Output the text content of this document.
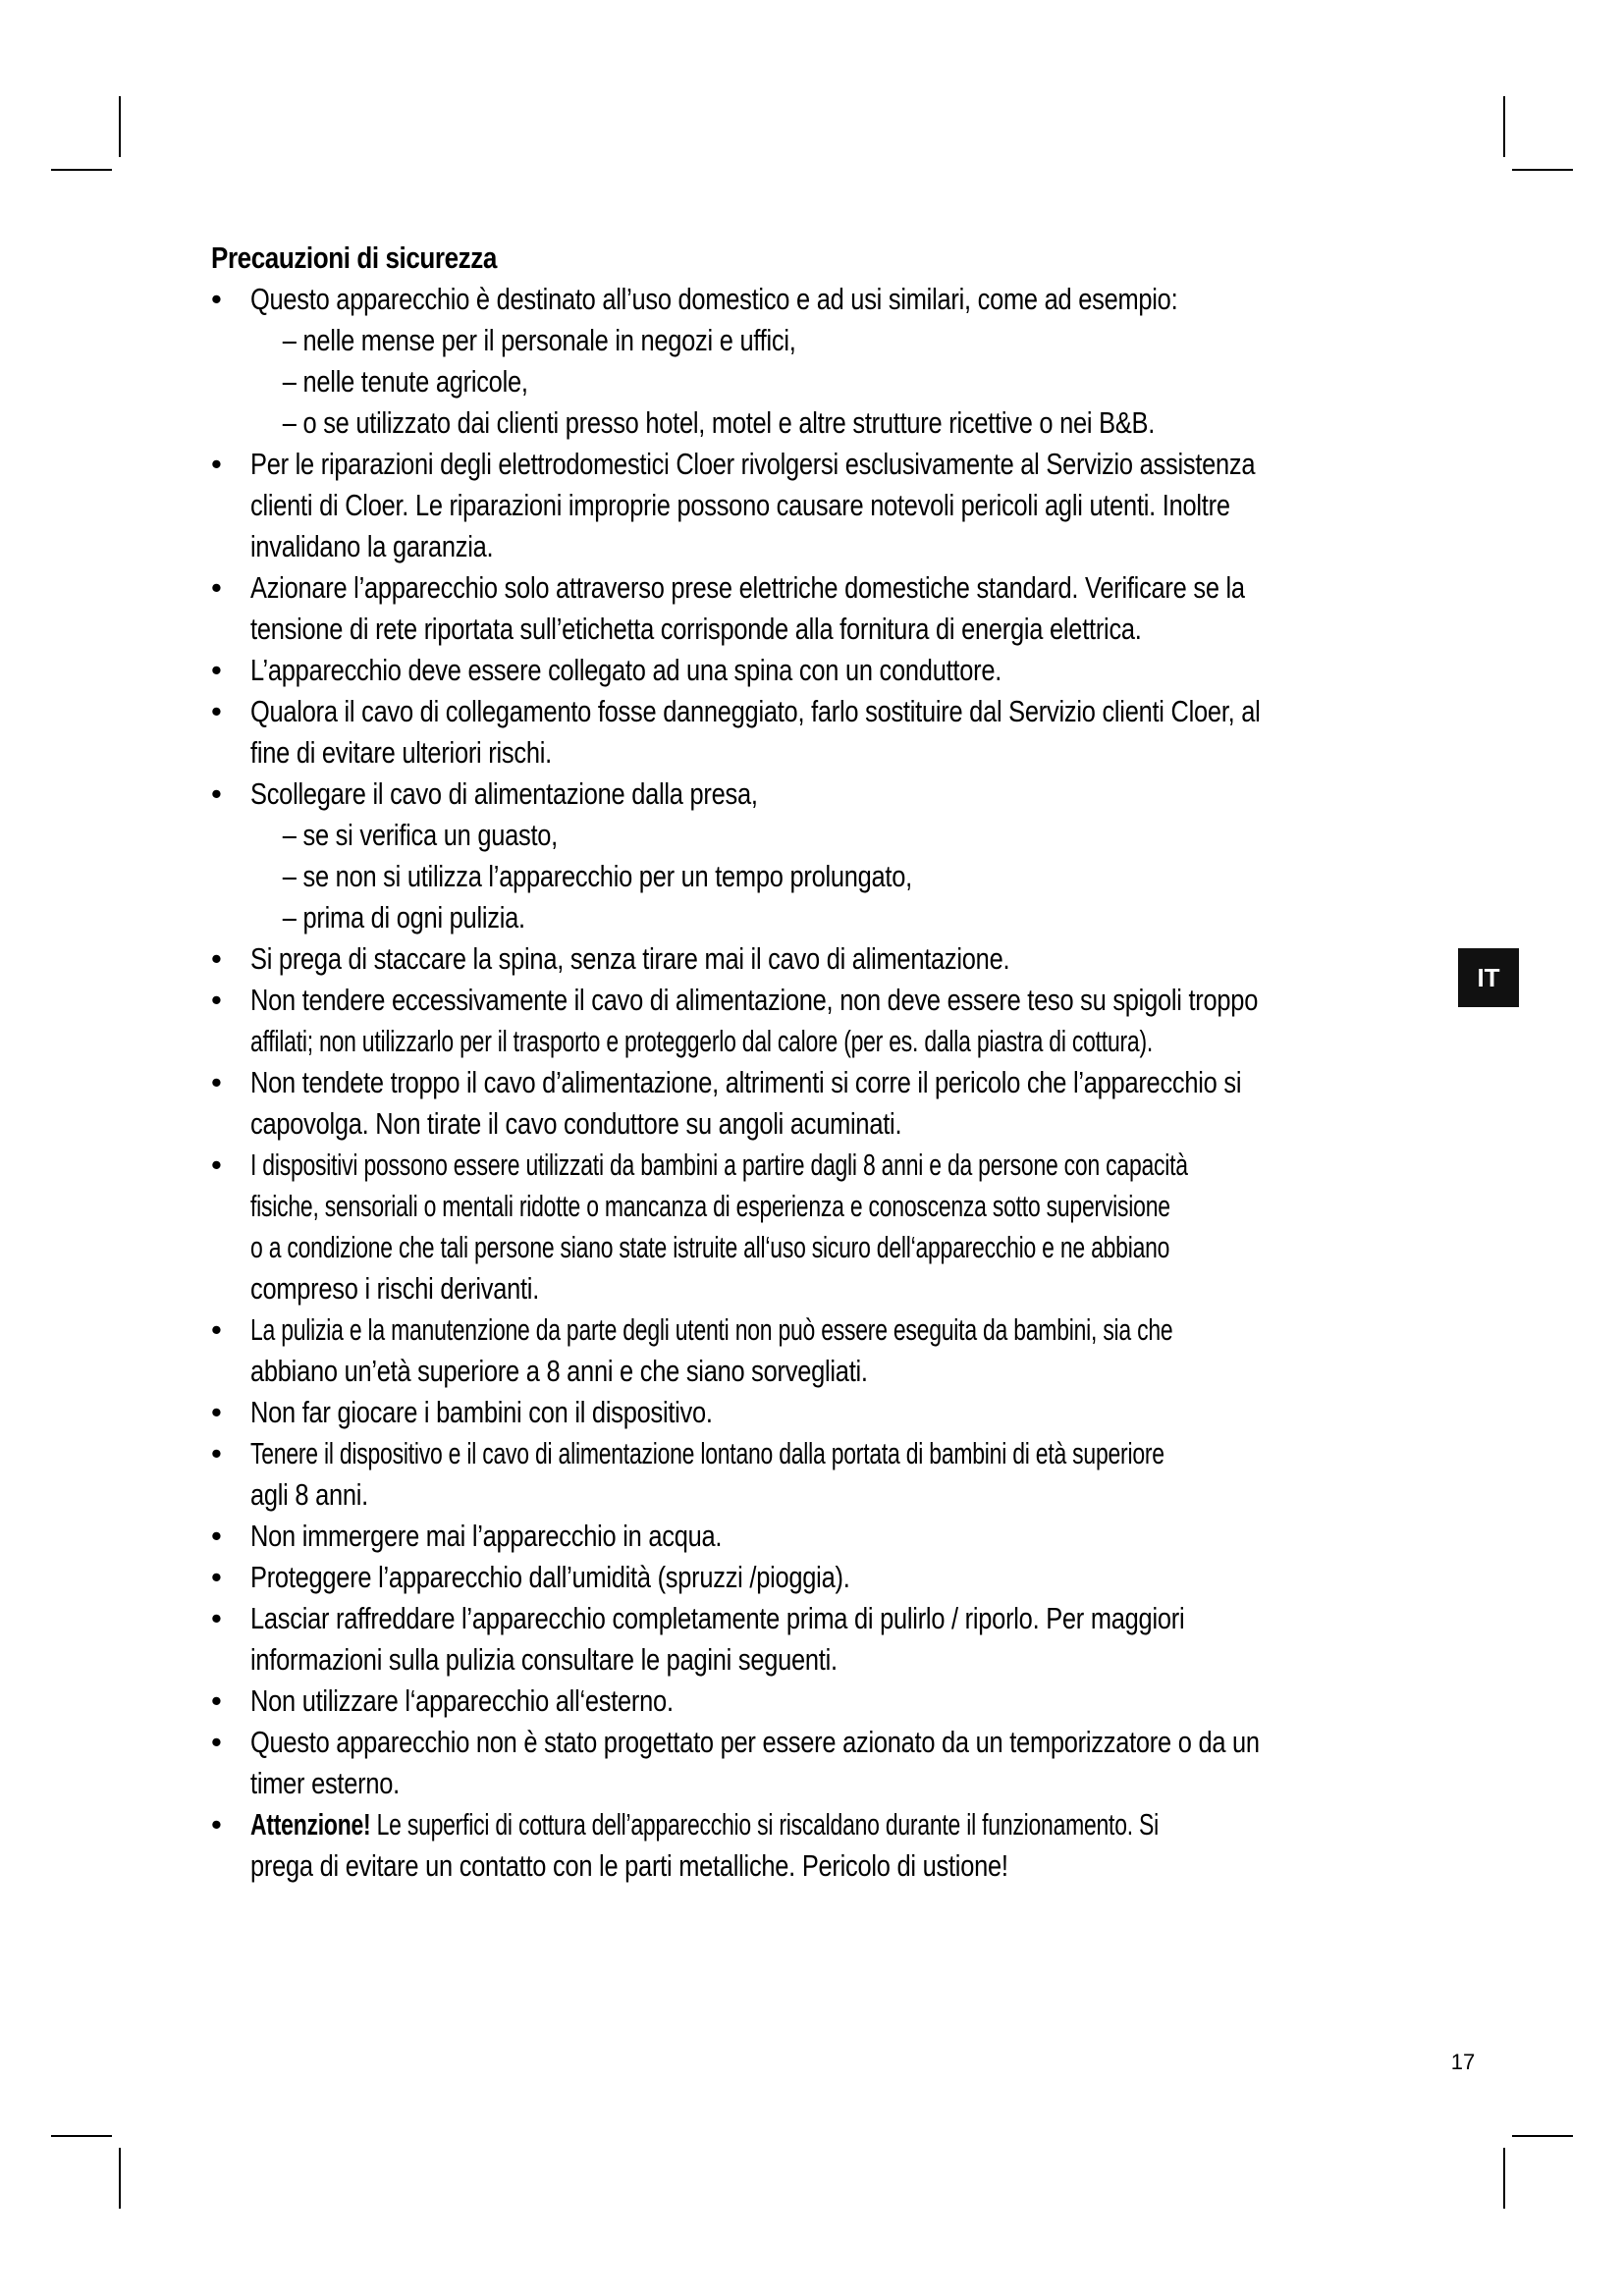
Precauzioni di sicurezza
• Questo apparecchio è destinato all’uso domestico e ad usi similari, come ad esempio:
– nelle mense per il personale in negozi e uffici,
– nelle tenute agricole,
– o se utilizzato dai clienti presso hotel, motel e altre strutture ricettive o nei B&B.
• Per le riparazioni degli elettrodomestici Cloer rivolgersi esclusivamente al Servizio assistenza
clienti di Cloer. Le riparazioni improprie possono causare notevoli pericoli agli utenti. Inoltre
invalidano la garanzia.
• Azionare l’apparecchio solo attraverso prese elettriche domestiche standard. Verificare se la
tensione di rete riportata sull’etichetta corrisponde alla fornitura di energia elettrica.
• L’apparecchio deve essere collegato ad una spina con un conduttore.
• Qualora il cavo di collegamento fosse danneggiato, farlo sostituire dal Servizio clienti Cloer, al
fine di evitare ulteriori rischi.
• Scollegare il cavo di alimentazione dalla presa,
– se si verifica un guasto,
– se non si utilizza l’apparecchio per un tempo prolungato,
– prima di ogni pulizia.
• Si prega di staccare la spina, senza tirare mai il cavo di alimentazione.
• Non tendere eccessivamente il cavo di alimentazione, non deve essere teso su spigoli troppo
affilati; non utilizzarlo per il trasporto e proteggerlo dal calore (per es. dalla piastra di cottura).
• Non tendete troppo il cavo d’alimentazione, altrimenti si corre il pericolo che l’apparecchio si
capovolga. Non tirate il cavo conduttore su angoli acuminati.
• I dispositivi possono essere utilizzati da bambini a partire dagli 8 anni e da persone con capacità
fisiche, sensoriali o mentali ridotte o mancanza di esperienza e conoscenza sotto supervisione
o a condizione che tali persone siano state istruite all‘uso sicuro dell‘apparecchio e ne abbiano
compreso i rischi derivanti.
• La pulizia e la manutenzione da parte degli utenti non può essere eseguita da bambini, sia che
abbiano un’età superiore a 8 anni e che siano sorvegliati.
• Non far giocare i bambini con il dispositivo.
• Tenere il dispositivo e il cavo di alimentazione lontano dalla portata di bambini di età superiore
agli 8 anni.
• Non immergere mai l’apparecchio in acqua.
• Proteggere l’apparecchio dall’umidità (spruzzi /pioggia).
• Lasciar raffreddare l’apparecchio completamente prima di pulirlo / riporlo. Per maggiori
informazioni sulla pulizia consultare le pagini seguenti.
• Non utilizzare l‘apparecchio all‘esterno.
• Questo apparecchio non è stato progettato per essere azionato da un temporizzatore o da un
timer esterno.
• Attenzione! Le superfici di cottura dell’apparecchio si riscaldano durante il funzionamento. Si
prega di evitare un contatto con le parti metalliche. Pericolo di ustione!
IT
17
